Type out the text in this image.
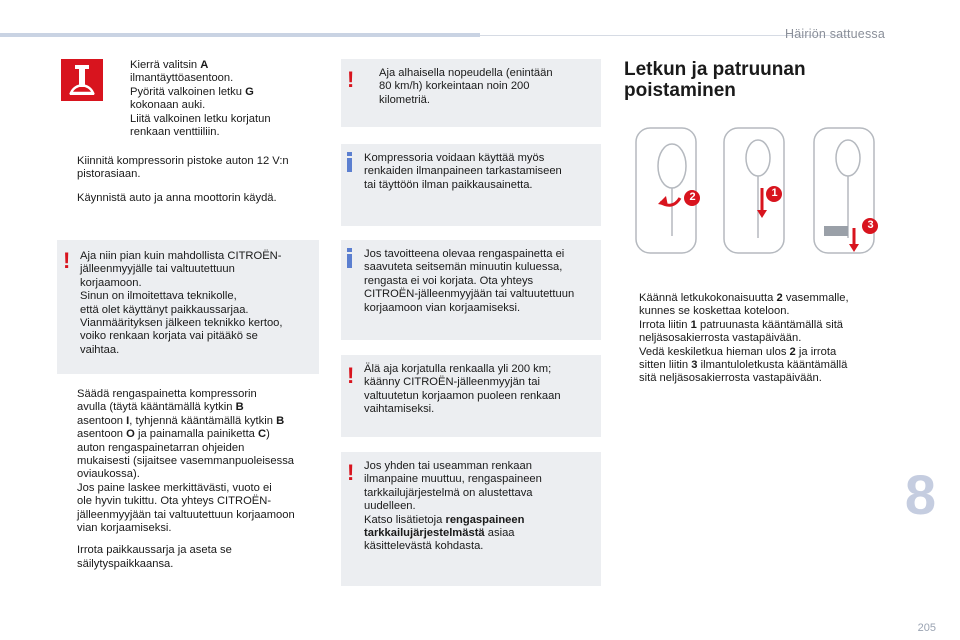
Häiriön sattuessa
Kierrä valitsin A
ilmantäyttöasentoon.
Pyöritä valkoinen letku G
kokonaan auki.
Liitä valkoinen letku korjatun
renkaan venttiiliin.
Kiinnitä kompressorin pistoke auton 12 V:n
pistorasiaan.
Käynnistä auto ja anna moottorin käydä.
! Aja niin pian kuin mahdollista CITROËN-
jälleenmyyjälle tai valtuutettuun
korjaamoon.
Sinun on ilmoitettava teknikolle,
että olet käyttänyt paikkaussarjaa.
Vianmäärityksen jälkeen teknikko kertoo,
voiko renkaan korjata vai pitääkö se
vaihtaa.
Säädä rengaspainetta kompressorin
avulla (täytä kääntämällä kytkin B
asentoon I, tyhjennä kääntämällä kytkin B
asentoon O ja painamalla painiketta C)
auton rengaspainetarran ohjeiden
mukaisesti (sijaitsee vasemmanpuoleisessa
oviaukossa).
Jos paine laskee merkittävästi, vuoto ei
ole hyvin tukittu. Ota yhteys CITROËN-
jälleenmyyjään tai valtuutettuun korjaamoon
vian korjaamiseksi.
Irrota paikkaussarja ja aseta se
säilytyspaikkaansa.
!	Aja alhaisella nopeudella (enintään
80 km/h) korkeintaan noin 200
kilometriä.
Kompressoria voidaan käyttää myös
renkaiden ilmanpaineen tarkastamiseen
tai täyttöön ilman paikkausainetta.
Jos tavoitteena olevaa rengaspainetta ei
saavuteta seitsemän minuutin kuluessa,
rengasta ei voi korjata. Ota yhteys
CITROËN-jälleenmyyjään tai valtuutettuun
korjaamoon vian korjaamiseksi.
! Älä aja korjatulla renkaalla yli 200 km;
käänny CITROËN-jälleenmyyjän tai
valtuutetun korjaamon puoleen renkaan
vaihtamiseksi.
! Jos yhden tai useamman renkaan
ilmanpaine muuttuu, rengaspaineen
tarkkailujärjestelmä on alustettava
uudelleen.
Katso lisätietoja rengaspaineen
tarkkailujärjestelmästä asiaa
käsittelevästä kohdasta.
Letkun ja patruunan
poistaminen
2	1
3
Käännä letkukokonaisuutta 2 vasemmalle,
kunnes se koskettaa koteloon.
Irrota liitin 1 patruunasta kääntämällä sitä
neljäsosakierrosta vastapäivään.
Vedä keskiletkua hieman ulos 2 ja irrota
sitten liitin 3 ilmantuloletkusta kääntämällä
sitä neljäsosakierrosta vastapäivään.
8
205
